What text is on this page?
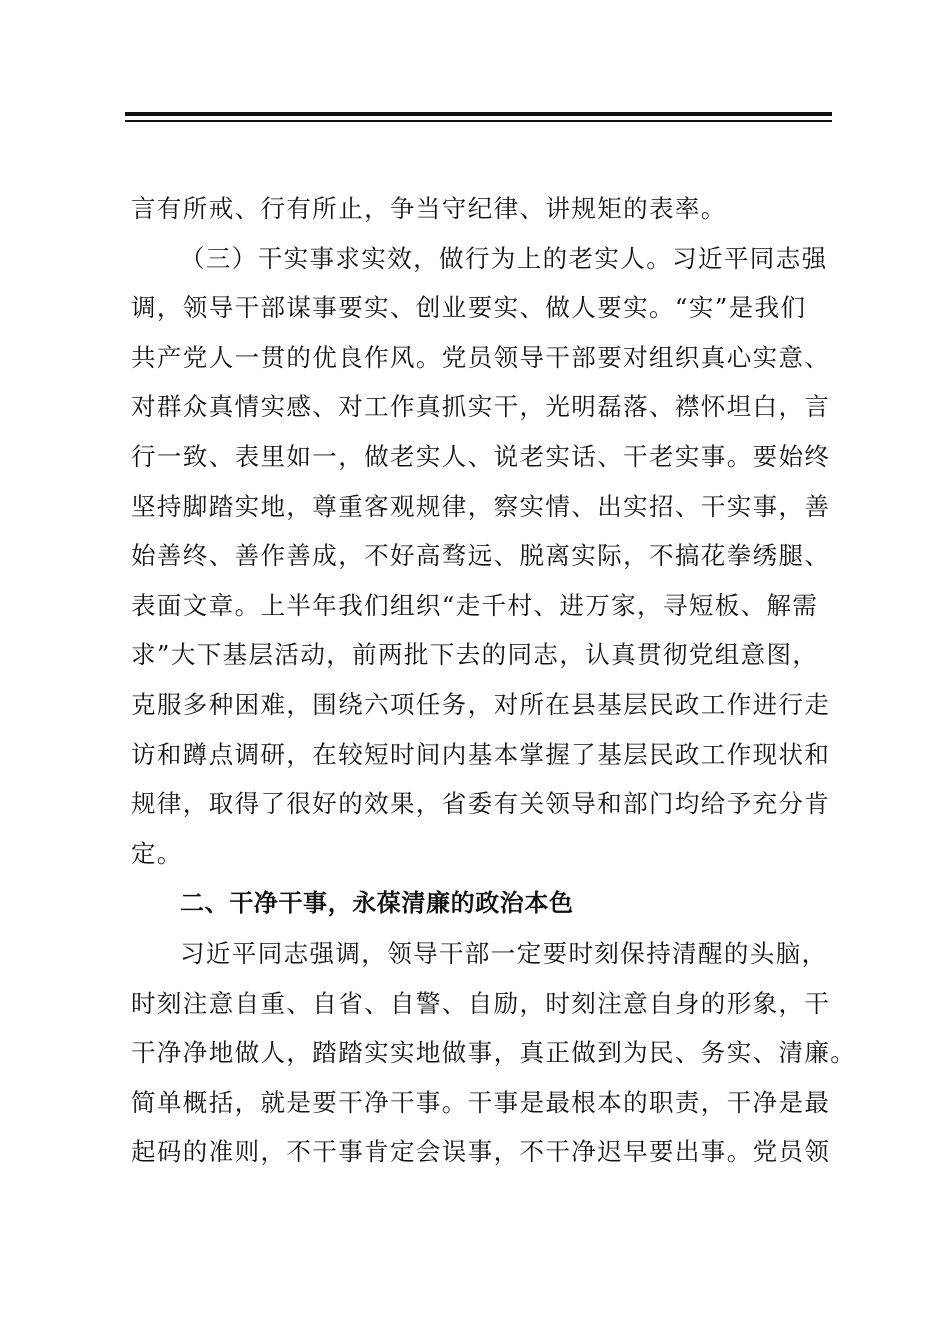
言有所戒、行有所止，争当守纪律、讲规矩的表率。
（三）干实事求实效，做行为上的老实人。习近平同志强
调，领导干部谋事要实、创业要实、做人要实。“实”是我们
共产党人一贯的优良作风。党员领导干部要对组织真心实意、
对群众真情实感、对工作真抓实干，光明磊落、襟怀坦白，言
行一致、表里如一，做老实人、说老实话、干老实事。要始终
坚持脚踏实地，尊重客观规律，察实情、出实招、干实事，善
始善终、善作善成，不好高骛远、脱离实际，不搞花拳绣腿、
表面文章。上半年我们组织“走千村、进万家，寻短板、解需
求”大下基层活动，前两批下去的同志，认真贯彻党组意图，
克服多种困难，围绕六项任务，对所在县基层民政工作进行走
访和蹲点调研，在较短时间内基本掌握了基层民政工作现状和
规律，取得了很好的效果，省委有关领导和部门均给予充分肯
定。
二、干净干事，永葆清廉的政治本色
习近平同志强调，领导干部一定要时刻保持清醒的头脑，
时刻注意自重、自省、自警、自励，时刻注意自身的形象，干
干净净地做人，踏踏实实地做事，真正做到为民、务实、清廉。
简单概括，就是要干净干事。干事是最根本的职责，干净是最
起码的准则，不干事肯定会误事，不干净迟早要出事。党员领
